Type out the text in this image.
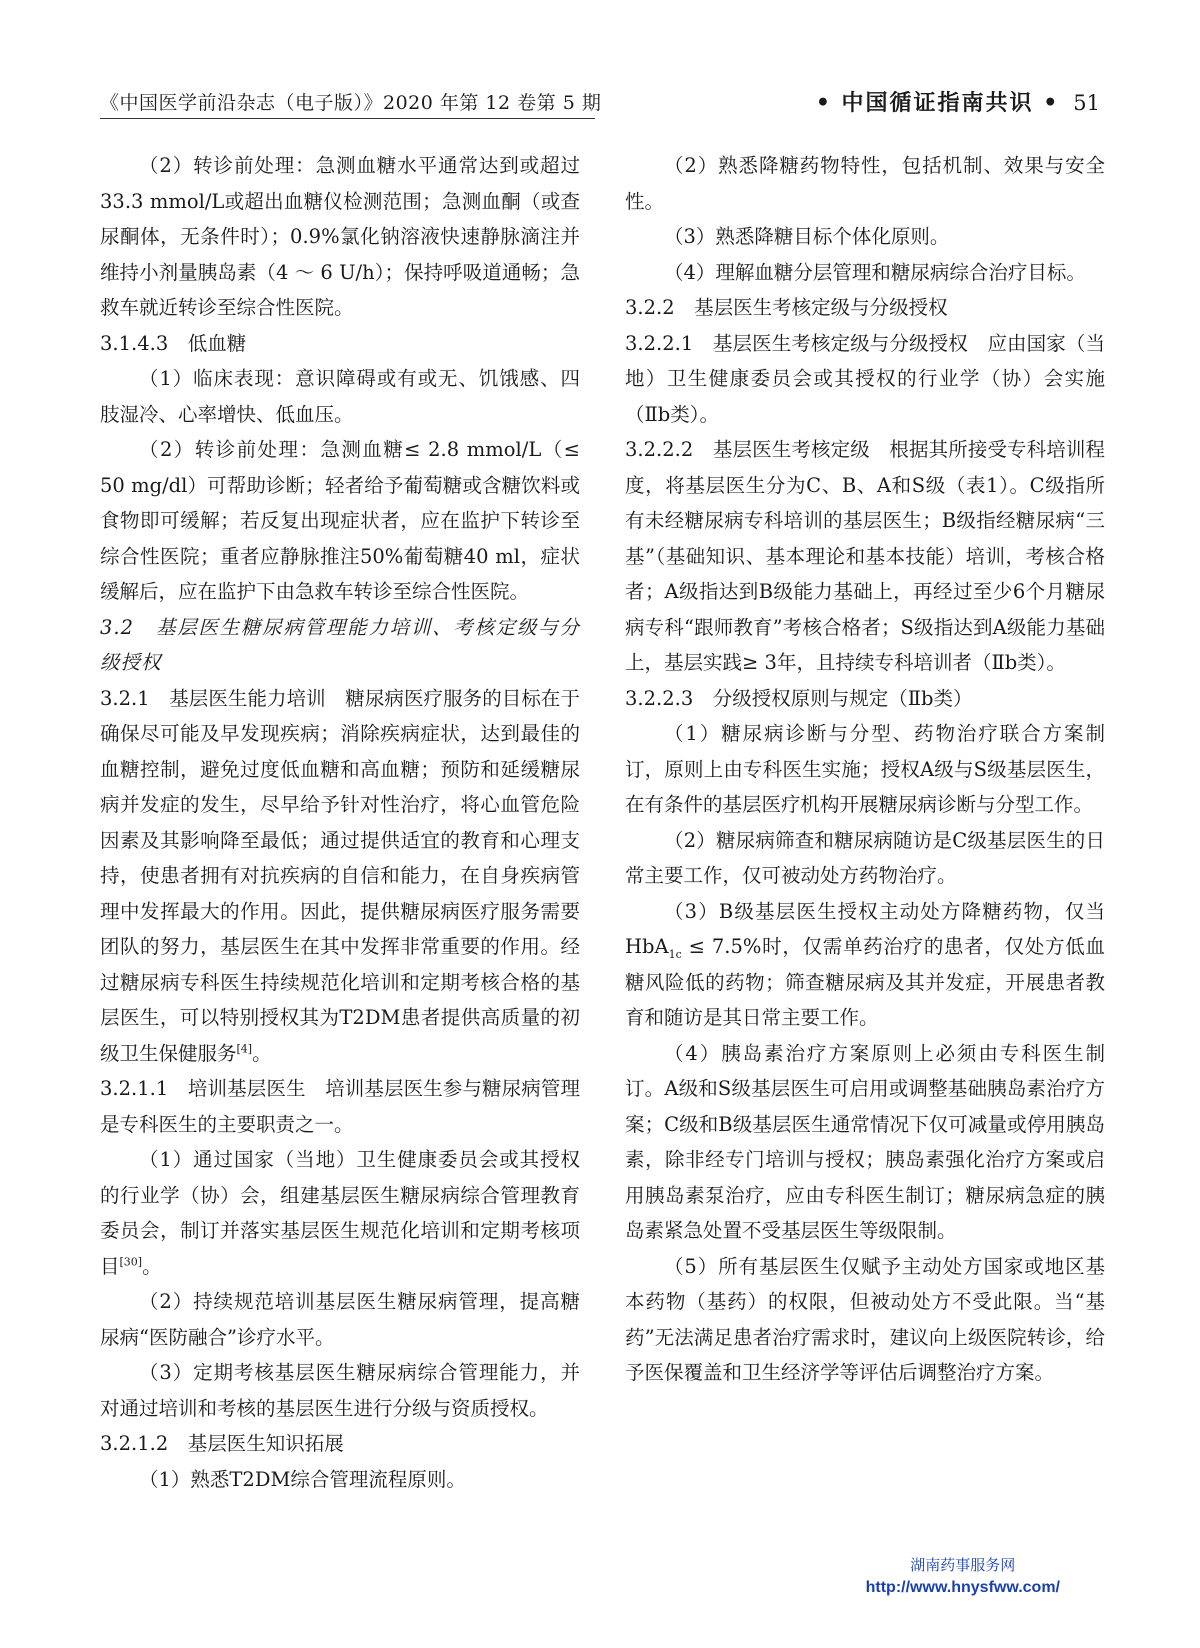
《中国医学前沿杂志（电子版）》2020 年第 12 卷第 5 期	• 中国循证指南共识 • 51

（2）转诊前处理：急测血糖水平通常达到或超过33.3 mmol/L或超出血糖仪检测范围；急测血酮（或查尿酮体，无条件时）；0.9%氯化钠溶液快速静脉滴注并维持小剂量胰岛素（4 ～ 6 U/h）；保持呼吸道通畅；急救车就近转诊至综合性医院。

3.1.4.3　低血糖

（1）临床表现：意识障碍或有或无、饥饿感、四肢湿冷、心率增快、低血压。

（2）转诊前处理：急测血糖≤ 2.8 mmol/L（≤ 50 mg/dl）可帮助诊断；轻者给予葡萄糖或含糖饮料或食物即可缓解；若反复出现症状者，应在监护下转诊至综合性医院；重者应静脉推注50%葡萄糖40 ml，症状缓解后，应在监护下由急救车转诊至综合性医院。

3.2　基层医生糖尿病管理能力培训、考核定级与分级授权

3.2.1　基层医生能力培训　糖尿病医疗服务的目标在于确保尽可能及早发现疾病；消除疾病症状，达到最佳的血糖控制，避免过度低血糖和高血糖；预防和延缓糖尿病并发症的发生，尽早给予针对性治疗，将心血管危险因素及其影响降至最低；通过提供适宜的教育和心理支持，使患者拥有对抗疾病的自信和能力，在自身疾病管理中发挥最大的作用。因此，提供糖尿病医疗服务需要团队的努力，基层医生在其中发挥非常重要的作用。经过糖尿病专科医生持续规范化培训和定期考核合格的基层医生，可以特别授权其为T2DM患者提供高质量的初级卫生保健服务[4]。

3.2.1.1　培训基层医生　培训基层医生参与糖尿病管理是专科医生的主要职责之一。

（1）通过国家（当地）卫生健康委员会或其授权的行业学（协）会，组建基层医生糖尿病综合管理教育委员会，制订并落实基层医生规范化培训和定期考核项目[30]。

（2）持续规范培训基层医生糖尿病管理，提高糖尿病“医防融合”诊疗水平。

（3）定期考核基层医生糖尿病综合管理能力，并对通过培训和考核的基层医生进行分级与资质授权。

3.2.1.2　基层医生知识拓展

（1）熟悉T2DM综合管理流程原则。

（2）熟悉降糖药物特性，包括机制、效果与安全性。

（3）熟悉降糖目标个体化原则。

（4）理解血糖分层管理和糖尿病综合治疗目标。

3.2.2　基层医生考核定级与分级授权

3.2.2.1　基层医生考核定级与分级授权　应由国家（当地）卫生健康委员会或其授权的行业学（协）会实施（Ⅱb类）。

3.2.2.2　基层医生考核定级　根据其所接受专科培训程度，将基层医生分为C、B、A和S级（表1）。C级指所有未经糖尿病专科培训的基层医生；B级指经糖尿病“三基”（基础知识、基本理论和基本技能）培训，考核合格者；A级指达到B级能力基础上，再经过至少6个月糖尿病专科“跟师教育”考核合格者；S级指达到A级能力基础上，基层实践≥ 3年，且持续专科培训者（Ⅱb类）。

3.2.2.3　分级授权原则与规定（Ⅱb类）

（1）糖尿病诊断与分型、药物治疗联合方案制订，原则上由专科医生实施；授权A级与S级基层医生，在有条件的基层医疗机构开展糖尿病诊断与分型工作。

（2）糖尿病筛查和糖尿病随访是C级基层医生的日常主要工作，仅可被动处方药物治疗。

（3）B级基层医生授权主动处方降糖药物，仅当HbA$_{1c}$ ≤ 7.5%时，仅需单药治疗的患者，仅处方低血糖风险低的药物；筛查糖尿病及其并发症，开展患者教育和随访是其日常主要工作。

（4）胰岛素治疗方案原则上必须由专科医生制订。A级和S级基层医生可启用或调整基础胰岛素治疗方案；C级和B级基层医生通常情况下仅可减量或停用胰岛素，除非经专门培训与授权；胰岛素强化治疗方案或启用胰岛素泵治疗，应由专科医生制订；糖尿病急症的胰岛素紧急处置不受基层医生等级限制。

（5）所有基层医生仅赋予主动处方国家或地区基本药物（基药）的权限，但被动处方不受此限。当“基药”无法满足患者治疗需求时，建议向上级医院转诊，给予医保覆盖和卫生经济学等评估后调整治疗方案。

湖南药事服务网
http://www.hnysfww.com/
